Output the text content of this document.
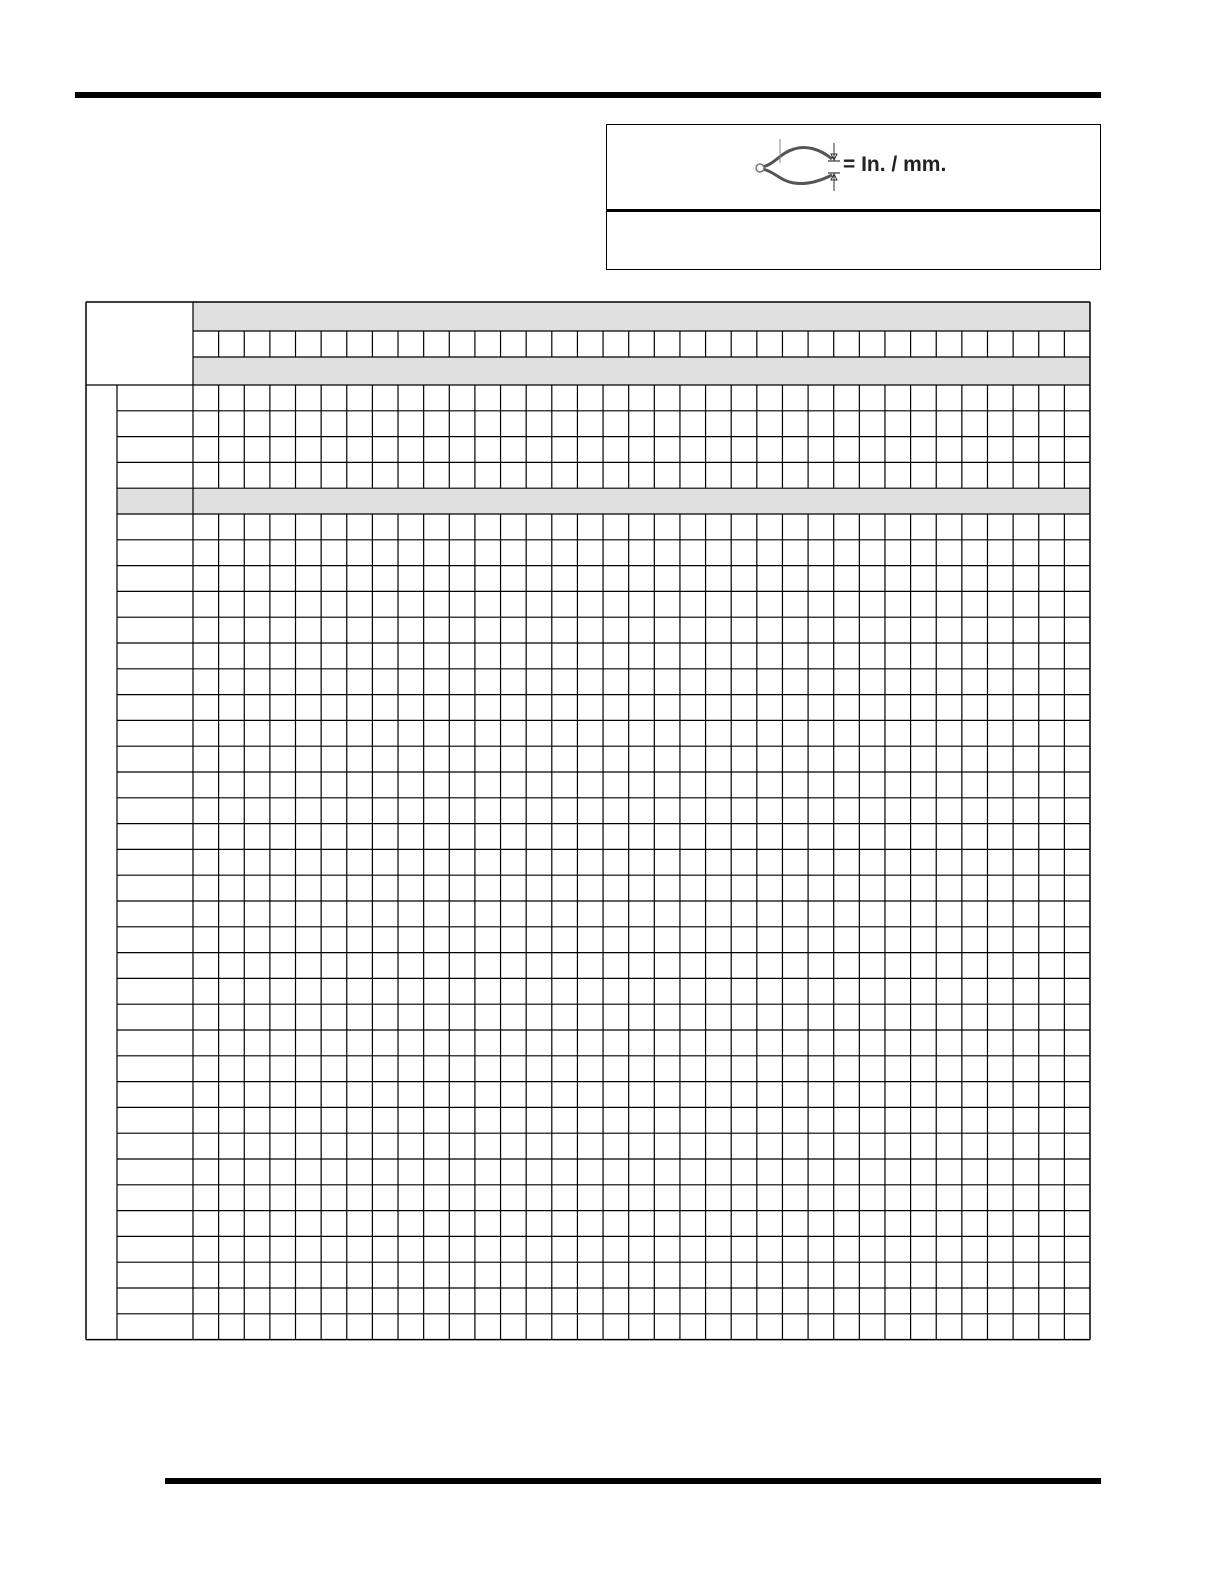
= In. / mm.
